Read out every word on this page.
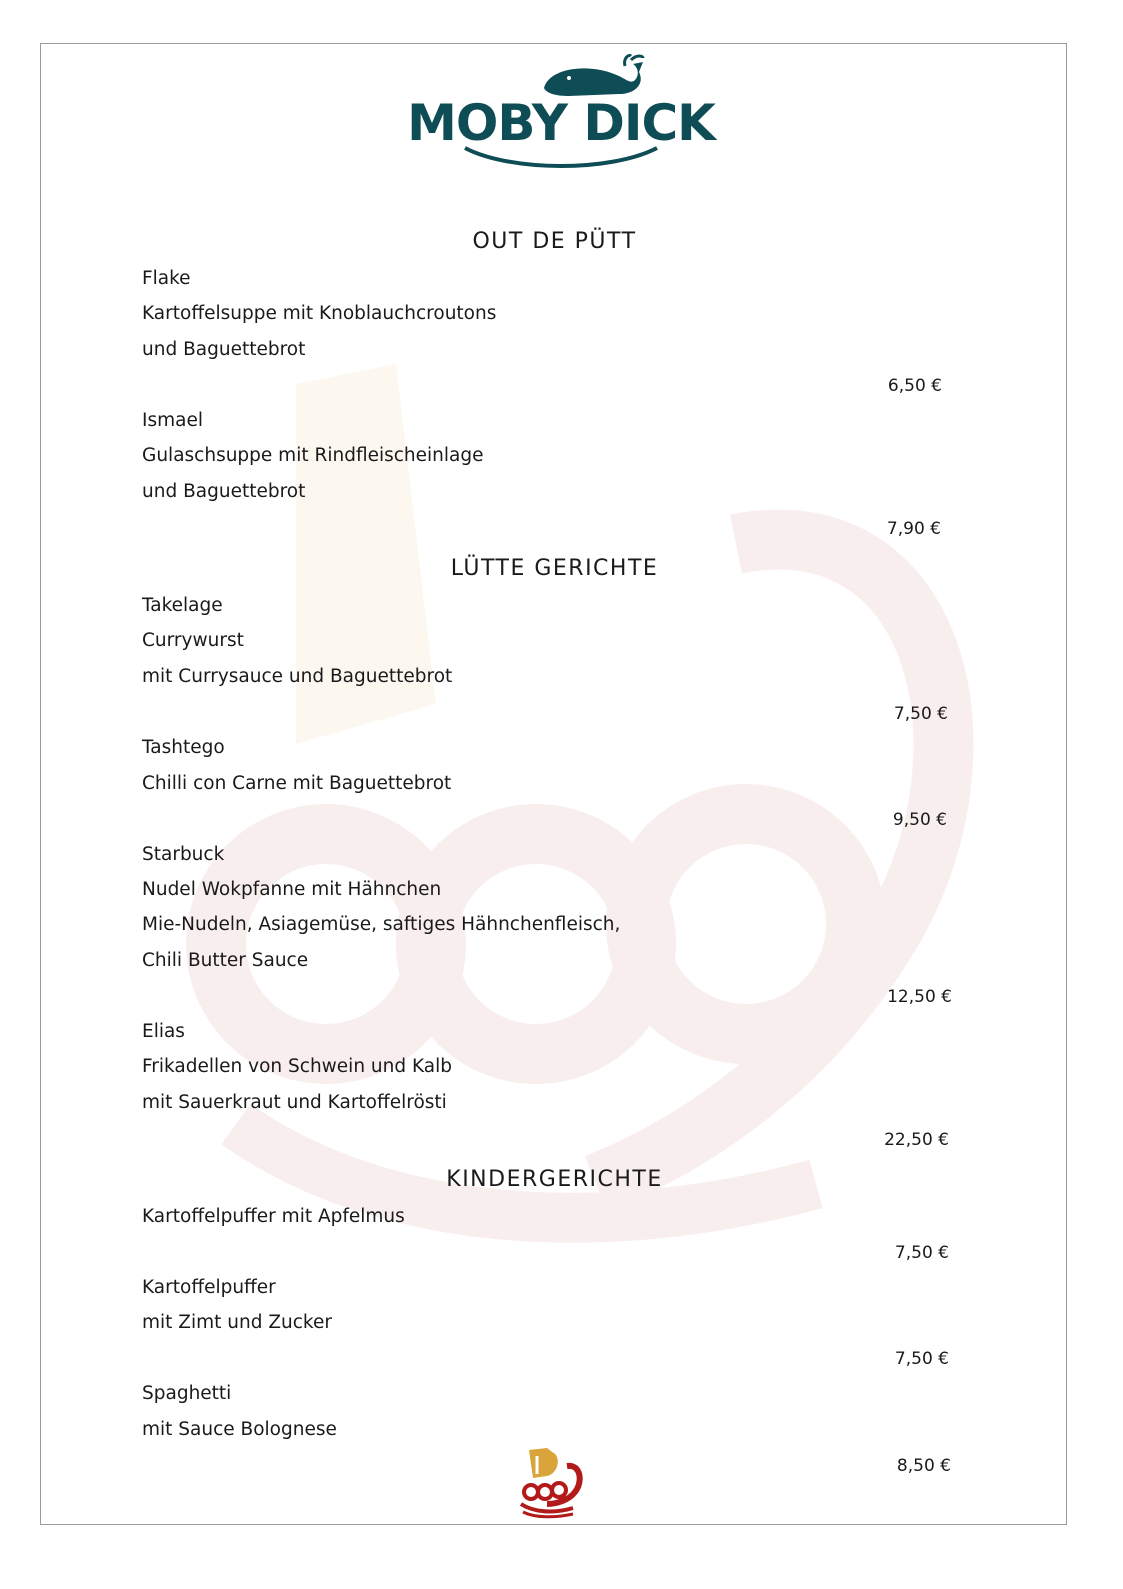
MOBY DICK
OUT DE PÜTT
Flake
Kartoffelsuppe mit Knoblauchcroutons
und Baguettebrot
6,50 €
Ismael
Gulaschsuppe mit Rindfleischeinlage
und Baguettebrot
7,90 €
LÜTTE GERICHTE
Takelage
Currywurst
mit Currysauce und Baguettebrot
7,50 €
Tashtego
Chilli con Carne mit Baguettebrot
9,50 €
Starbuck
Nudel Wokpfanne mit Hähnchen
Mie-Nudeln, Asiagemüse, saftiges Hähnchenfleisch,
Chili Butter Sauce
12,50 €
Elias
Frikadellen von Schwein und Kalb
mit Sauerkraut und Kartoffelrösti
22,50 €
KINDERGERICHTE
Kartoffelpuffer mit Apfelmus
7,50 €
Kartoffelpuffer
mit Zimt und Zucker
7,50 €
Spaghetti
mit Sauce Bolognese
8,50 €
